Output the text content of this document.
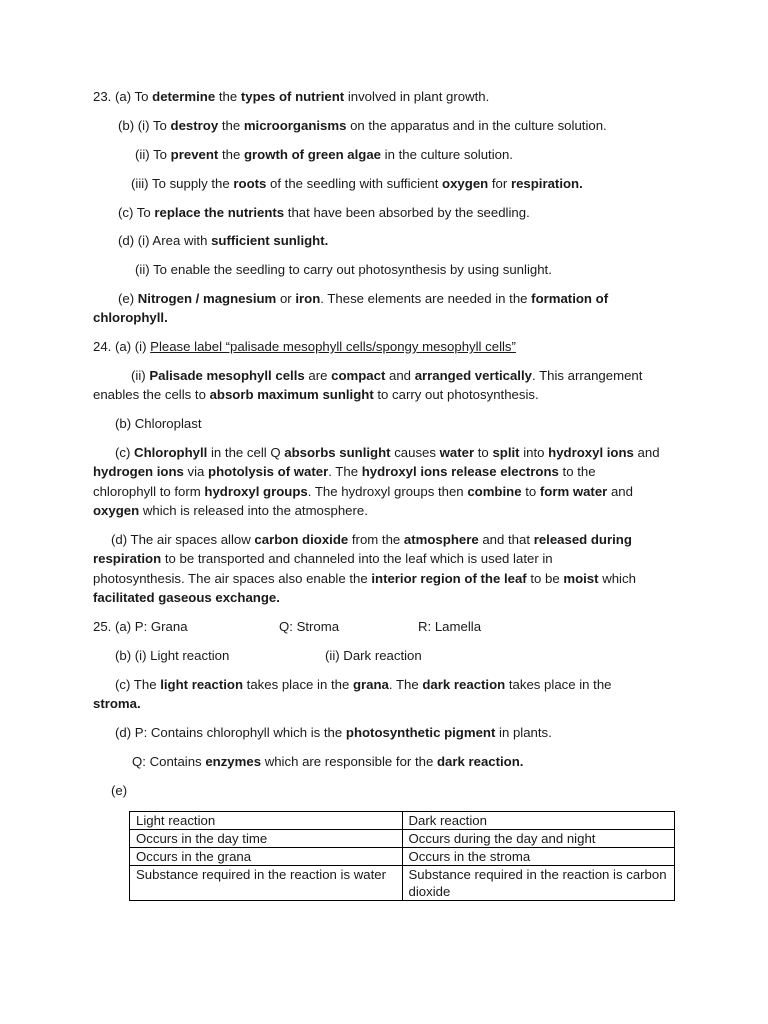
23. (a) To determine the types of nutrient involved in plant growth.
(b) (i) To destroy the microorganisms on the apparatus and in the culture solution.
(ii) To prevent the growth of green algae in the culture solution.
(iii) To supply the roots of the seedling with sufficient oxygen for respiration.
(c) To replace the nutrients that have been absorbed by the seedling.
(d) (i) Area with sufficient sunlight.
(ii) To enable the seedling to carry out photosynthesis by using sunlight.
(e) Nitrogen / magnesium or iron. These elements are needed in the formation of
chlorophyll.
24. (a) (i) Please label “palisade mesophyll cells/spongy mesophyll cells”
(ii) Palisade mesophyll cells are compact and arranged vertically. This arrangement
enables the cells to absorb maximum sunlight to carry out photosynthesis.
(b) Chloroplast
(c) Chlorophyll in the cell Q absorbs sunlight causes water to split into hydroxyl ions and
hydrogen ions via photolysis of water. The hydroxyl ions release electrons to the
chlorophyll to form hydroxyl groups. The hydroxyl groups then combine to form water and
oxygen which is released into the atmosphere.
(d) The air spaces allow carbon dioxide from the atmosphere and that released during
respiration to be transported and channeled into the leaf which is used later in
photosynthesis. The air spaces also enable the interior region of the leaf to be moist which
facilitated gaseous exchange.
25. (a) P: Grana	Q: Stroma	R: Lamella
(b) (i) Light reaction	(ii) Dark reaction
(c) The light reaction takes place in the grana. The dark reaction takes place in the
stroma.
(d) P: Contains chlorophyll which is the photosynthetic pigment in plants.
Q: Contains enzymes which are responsible for the dark reaction.
(e)
Light reaction	Dark reaction
Occurs in the day time	Occurs during the day and night
Occurs in the grana	Occurs in the stroma
Substance required in the reaction is water	Substance required in the reaction is carbon dioxide
